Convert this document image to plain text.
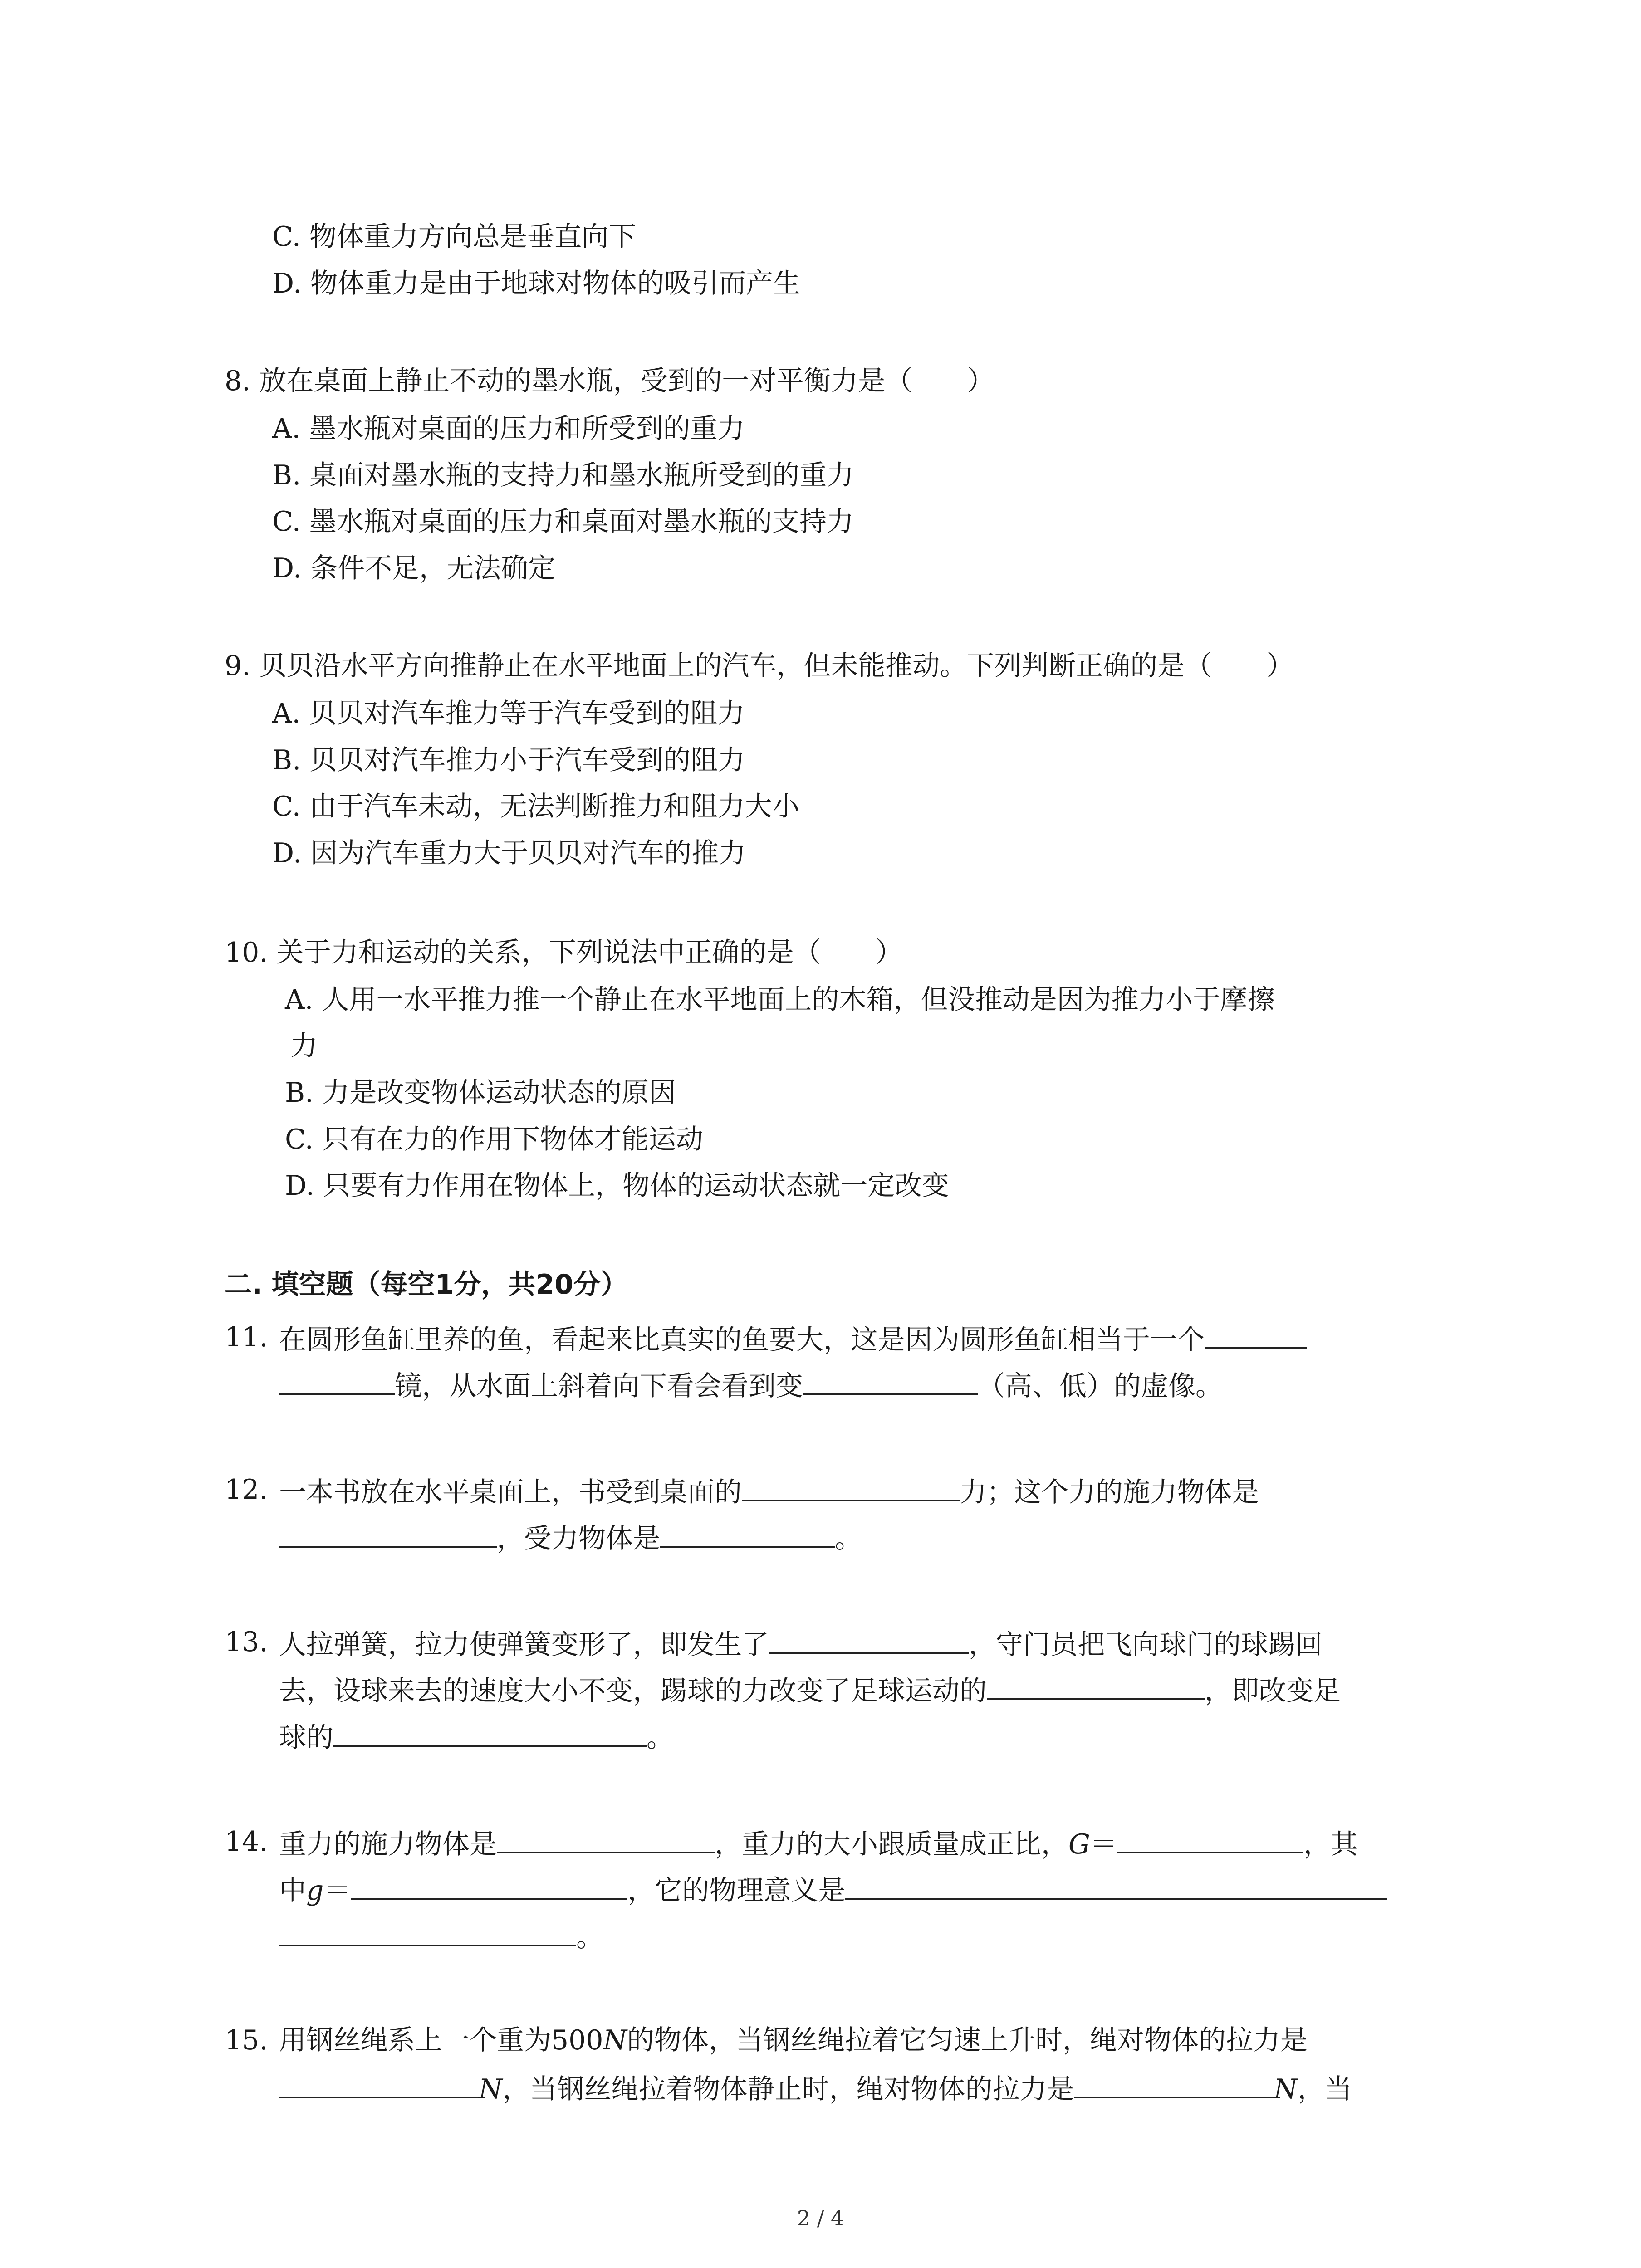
C. 物体重力方向总是垂直向下
D. 物体重力是由于地球对物体的吸引而产生
8. 放在桌面上静止不动的墨水瓶，受到的一对平衡力是（　　）
A. 墨水瓶对桌面的压力和所受到的重力
B. 桌面对墨水瓶的支持力和墨水瓶所受到的重力
C. 墨水瓶对桌面的压力和桌面对墨水瓶的支持力
D. 条件不足，无法确定
9. 贝贝沿水平方向推静止在水平地面上的汽车，但未能推动。下列判断正确的是（　　）
A. 贝贝对汽车推力等于汽车受到的阻力
B. 贝贝对汽车推力小于汽车受到的阻力
C. 由于汽车未动，无法判断推力和阻力大小
D. 因为汽车重力大于贝贝对汽车的推力
10. 关于力和运动的关系，下列说法中正确的是（　　）
A. 人用一水平推力推一个静止在水平地面上的木箱，但没推动是因为推力小于摩擦
力
B. 力是改变物体运动状态的原因
C. 只有在力的作用下物体才能运动
D. 只要有力作用在物体上，物体的运动状态就一定改变
二. 填空题（每空1分，共20分）
11. 在圆形鱼缸里养的鱼，看起来比真实的鱼要大，这是因为圆形鱼缸相当于一个
镜，从水面上斜着向下看会看到变	（高、低）的虚像。
12. 一本书放在水平桌面上，书受到桌面的	力；这个力的施力物体是
，受力物体是	。
13. 人拉弹簧，拉力使弹簧变形了，即发生了	，守门员把飞向球门的球踢回
去，设球来去的速度大小不变，踢球的力改变了足球运动的	，即改变足
球的	。
14. 重力的施力物体是	，重力的大小跟质量成正比，G＝	，其
中g＝	，它的物理意义是
。
15. 用钢丝绳系上一个重为500N的物体，当钢丝绳拉着它匀速上升时，绳对物体的拉力是
N，当钢丝绳拉着物体静止时，绳对物体的拉力是	N，当
2 / 4
